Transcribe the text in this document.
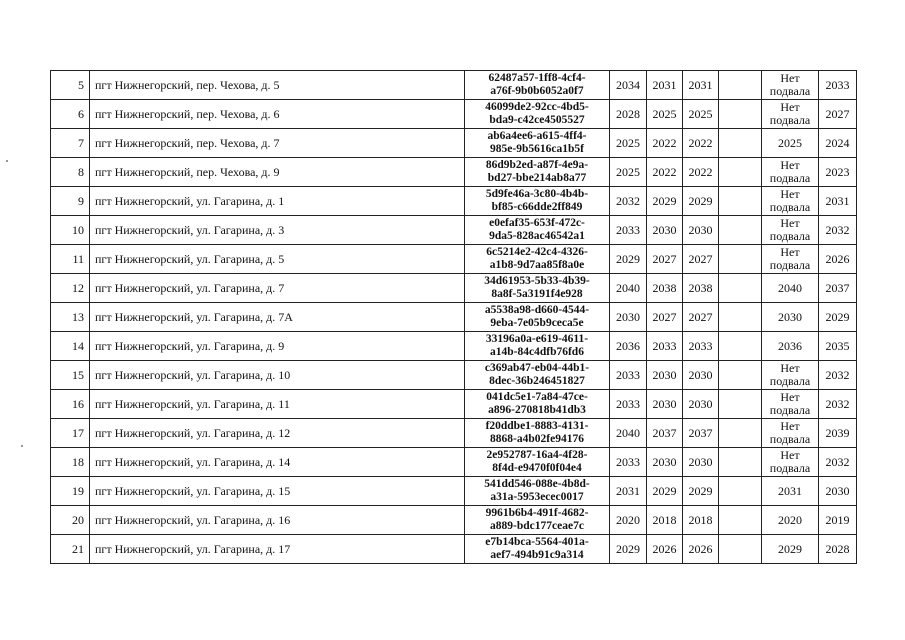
5	пгт Нижнегорский, пер. Чехова, д. 5	62487a57-1ff8-4cf4-
a76f-9b0b6052a0f7	2034	2031	2031		Нет подвала	2033
6	пгт Нижнегорский, пер. Чехова, д. 6	46099de2-92cc-4bd5-
bda9-c42ce4505527	2028	2025	2025		Нет подвала	2027
7	пгт Нижнегорский, пер. Чехова, д. 7	ab6a4ee6-a615-4ff4-
985e-9b5616ca1b5f	2025	2022	2022		2025	2024
8	пгт Нижнегорский, пер. Чехова, д. 9	86d9b2ed-a87f-4e9a-
bd27-bbe214ab8a77	2025	2022	2022		Нет подвала	2023
9	пгт Нижнегорский, ул. Гагарина, д. 1	5d9fe46a-3c80-4b4b-
bf85-c66dde2ff849	2032	2029	2029		Нет подвала	2031
10	пгт Нижнегорский, ул. Гагарина, д. 3	e0efaf35-653f-472c-
9da5-828ac46542a1	2033	2030	2030		Нет подвала	2032
11	пгт Нижнегорский, ул. Гагарина, д. 5	6c5214e2-42c4-4326-
a1b8-9d7aa85f8a0e	2029	2027	2027		Нет подвала	2026
12	пгт Нижнегорский, ул. Гагарина, д. 7	34d61953-5b33-4b39-
8a8f-5a3191f4e928	2040	2038	2038		2040	2037
13	пгт Нижнегорский, ул. Гагарина, д. 7А	a5538a98-d660-4544-
9eba-7e05b9ceca5e	2030	2027	2027		2030	2029
14	пгт Нижнегорский, ул. Гагарина, д. 9	33196a0a-e619-4611-
a14b-84c4dfb76fd6	2036	2033	2033		2036	2035
15	пгт Нижнегорский, ул. Гагарина, д. 10	c369ab47-eb04-44b1-
8dec-36b246451827	2033	2030	2030		Нет подвала	2032
16	пгт Нижнегорский, ул. Гагарина, д. 11	041dc5e1-7a84-47ce-
a896-270818b41db3	2033	2030	2030		Нет подвала	2032
17	пгт Нижнегорский, ул. Гагарина, д. 12	f20ddbe1-8883-4131-
8868-a4b02fe94176	2040	2037	2037		Нет подвала	2039
18	пгт Нижнегорский, ул. Гагарина, д. 14	2e952787-16a4-4f28-
8f4d-e9470f0f04e4	2033	2030	2030		Нет подвала	2032
19	пгт Нижнегорский, ул. Гагарина, д. 15	541dd546-088e-4b8d-
a31a-5953ecec0017	2031	2029	2029		2031	2030
20	пгт Нижнегорский, ул. Гагарина, д. 16	9961b6b4-491f-4682-
a889-bdc177ceae7c	2020	2018	2018		2020	2019
21	пгт Нижнегорский, ул. Гагарина, д. 17	e7b14bca-5564-401a-
aef7-494b91c9a314	2029	2026	2026		2029	2028
